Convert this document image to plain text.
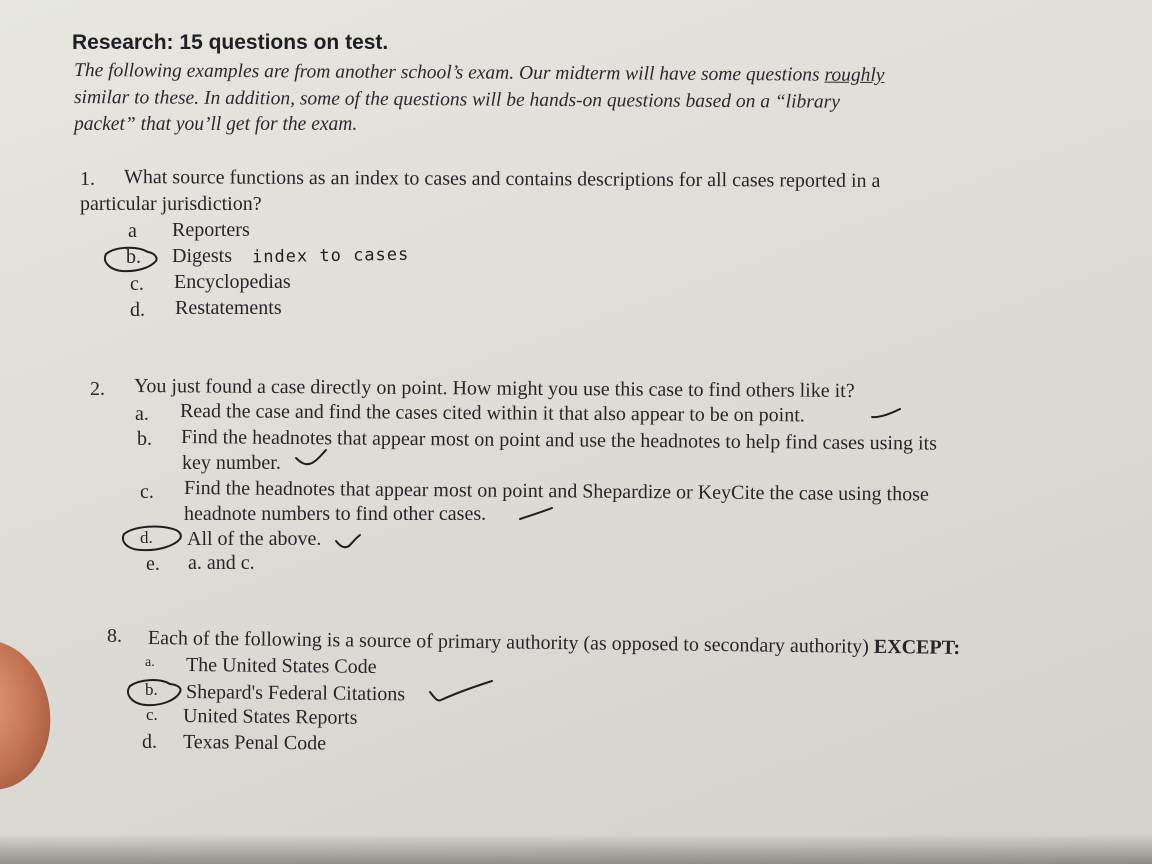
Research: 15 questions on test.
The following examples are from another school’s exam. Our midterm will have some questions roughly
similar to these. In addition, some of the questions will be hands-on questions based on a “library
packet” that you’ll get for the exam.
1. What source functions as an index to cases and contains descriptions for all cases reported in a
particular jurisdiction?
a Reporters
b. Digests index to cases
c. Encyclopedias
d. Restatements
2. You just found a case directly on point. How might you use this case to find others like it?
a. Read the case and find the cases cited within it that also appear to be on point.
b. Find the headnotes that appear most on point and use the headnotes to help find cases using its
key number.
c. Find the headnotes that appear most on point and Shepardize or KeyCite the case using those
headnote numbers to find other cases.
d. All of the above.
e. a. and c.
8. Each of the following is a source of primary authority (as opposed to secondary authority) EXCEPT:
a. The United States Code
b. Shepard's Federal Citations
c. United States Reports
d. Texas Penal Code
